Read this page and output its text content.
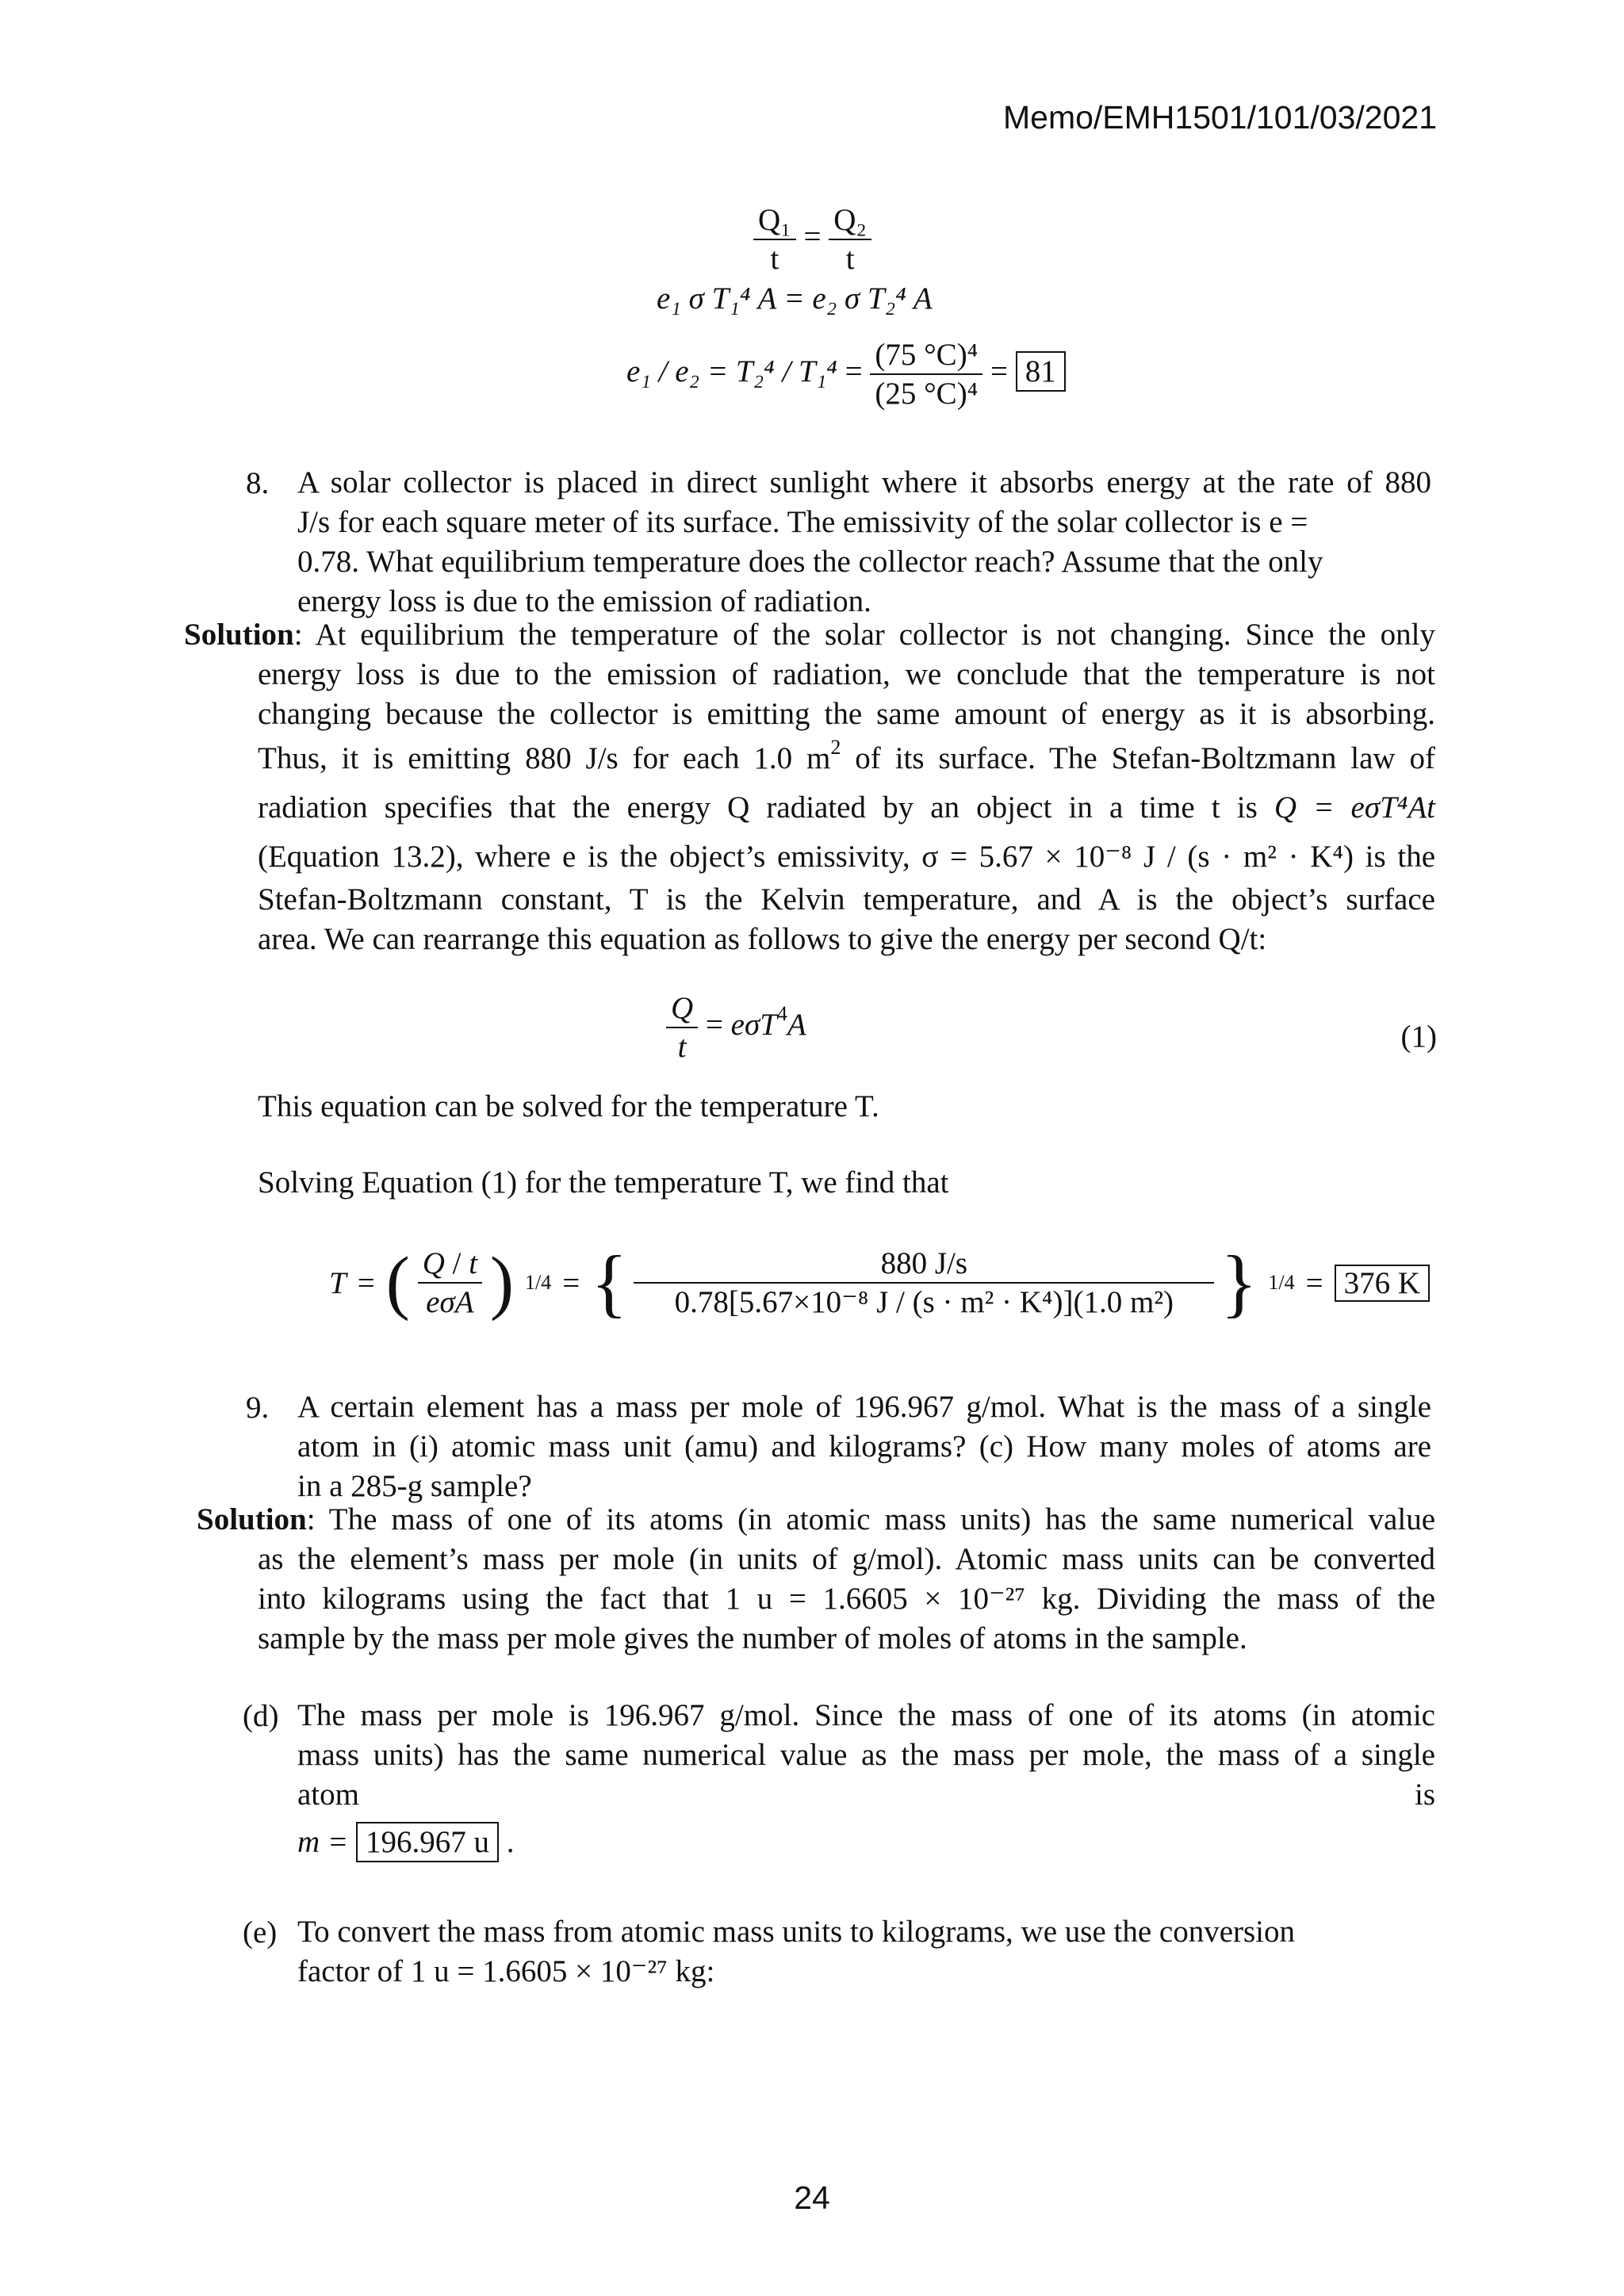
Memo/EMH1501/101/03/2021
$\frac{\text{Q₁}}{t} = \frac{\text{Q₂}}{t}$
e₁ σ T₁⁴ A = e₂ σ T₂⁴ A
$e_1 / e_2 = T_2^4 / T_1^4 = \frac{\text{(75 °C)⁴}}{\text{(25 °C)⁴}} = 81$
8. A solar collector is placed in direct sunlight where it absorbs energy at the rate of 880
J/s for each square meter of its surface. The emissivity of the solar collector is e =
0.78. What equilibrium temperature does the collector reach? Assume that the only
energy loss is due to the emission of radiation.
Solution: At equilibrium the temperature of the solar collector is not changing. Since the only
energy loss is due to the emission of radiation, we conclude that the temperature is not
changing because the collector is emitting the same amount of energy as it is absorbing.
Thus, it is emitting 880 J/s for each 1.0 $m^2$ of its surface. The Stefan-Boltzmann law of
radiation specifies that the energy Q radiated by an object in a time t is Q = eσT⁴At
(Equation 13.2), where e is the object’s emissivity, σ = 5.67 × 10⁻⁸ J / (s · m² · K⁴) is the
Stefan-Boltzmann constant, T is the Kelvin temperature, and A is the object’s surface
area. We can rearrange this equation as follows to give the energy per second Q/t:
$\frac{Q}{t} = e\sigma T^4A$	(1)
This equation can be solved for the temperature T.
Solving Equation (1) for the temperature T, we find that
T = ( $\frac{Q / t}{\text{eσA}}$ ) 1/4 = { $\frac{880 J/s}{\text{0.78[5.67×10⁻⁸ J / (s · m² · K⁴)](1.0 m²)}}$ } 1/4 = 376 K
9. A certain element has a mass per mole of 196.967 g/mol. What is the mass of a single
atom in (i) atomic mass unit (amu) and kilograms? (c) How many moles of atoms are
in a 285-g sample?
Solution: The mass of one of its atoms (in atomic mass units) has the same numerical value
as the element’s mass per mole (in units of g/mol). Atomic mass units can be converted
into kilograms using the fact that 1 u = 1.6605 × 10⁻²⁷ kg. Dividing the mass of the
sample by the mass per mole gives the number of moles of atoms in the sample.
(d) The mass per mole is 196.967 g/mol. Since the mass of one of its atoms (in atomic
mass units) has the same numerical value as the mass per mole, the mass of a single
atom	is
m = 196.967 u .
(e) To convert the mass from atomic mass units to kilograms, we use the conversion
factor of 1 u = 1.6605 × 10⁻²⁷ kg:
24
